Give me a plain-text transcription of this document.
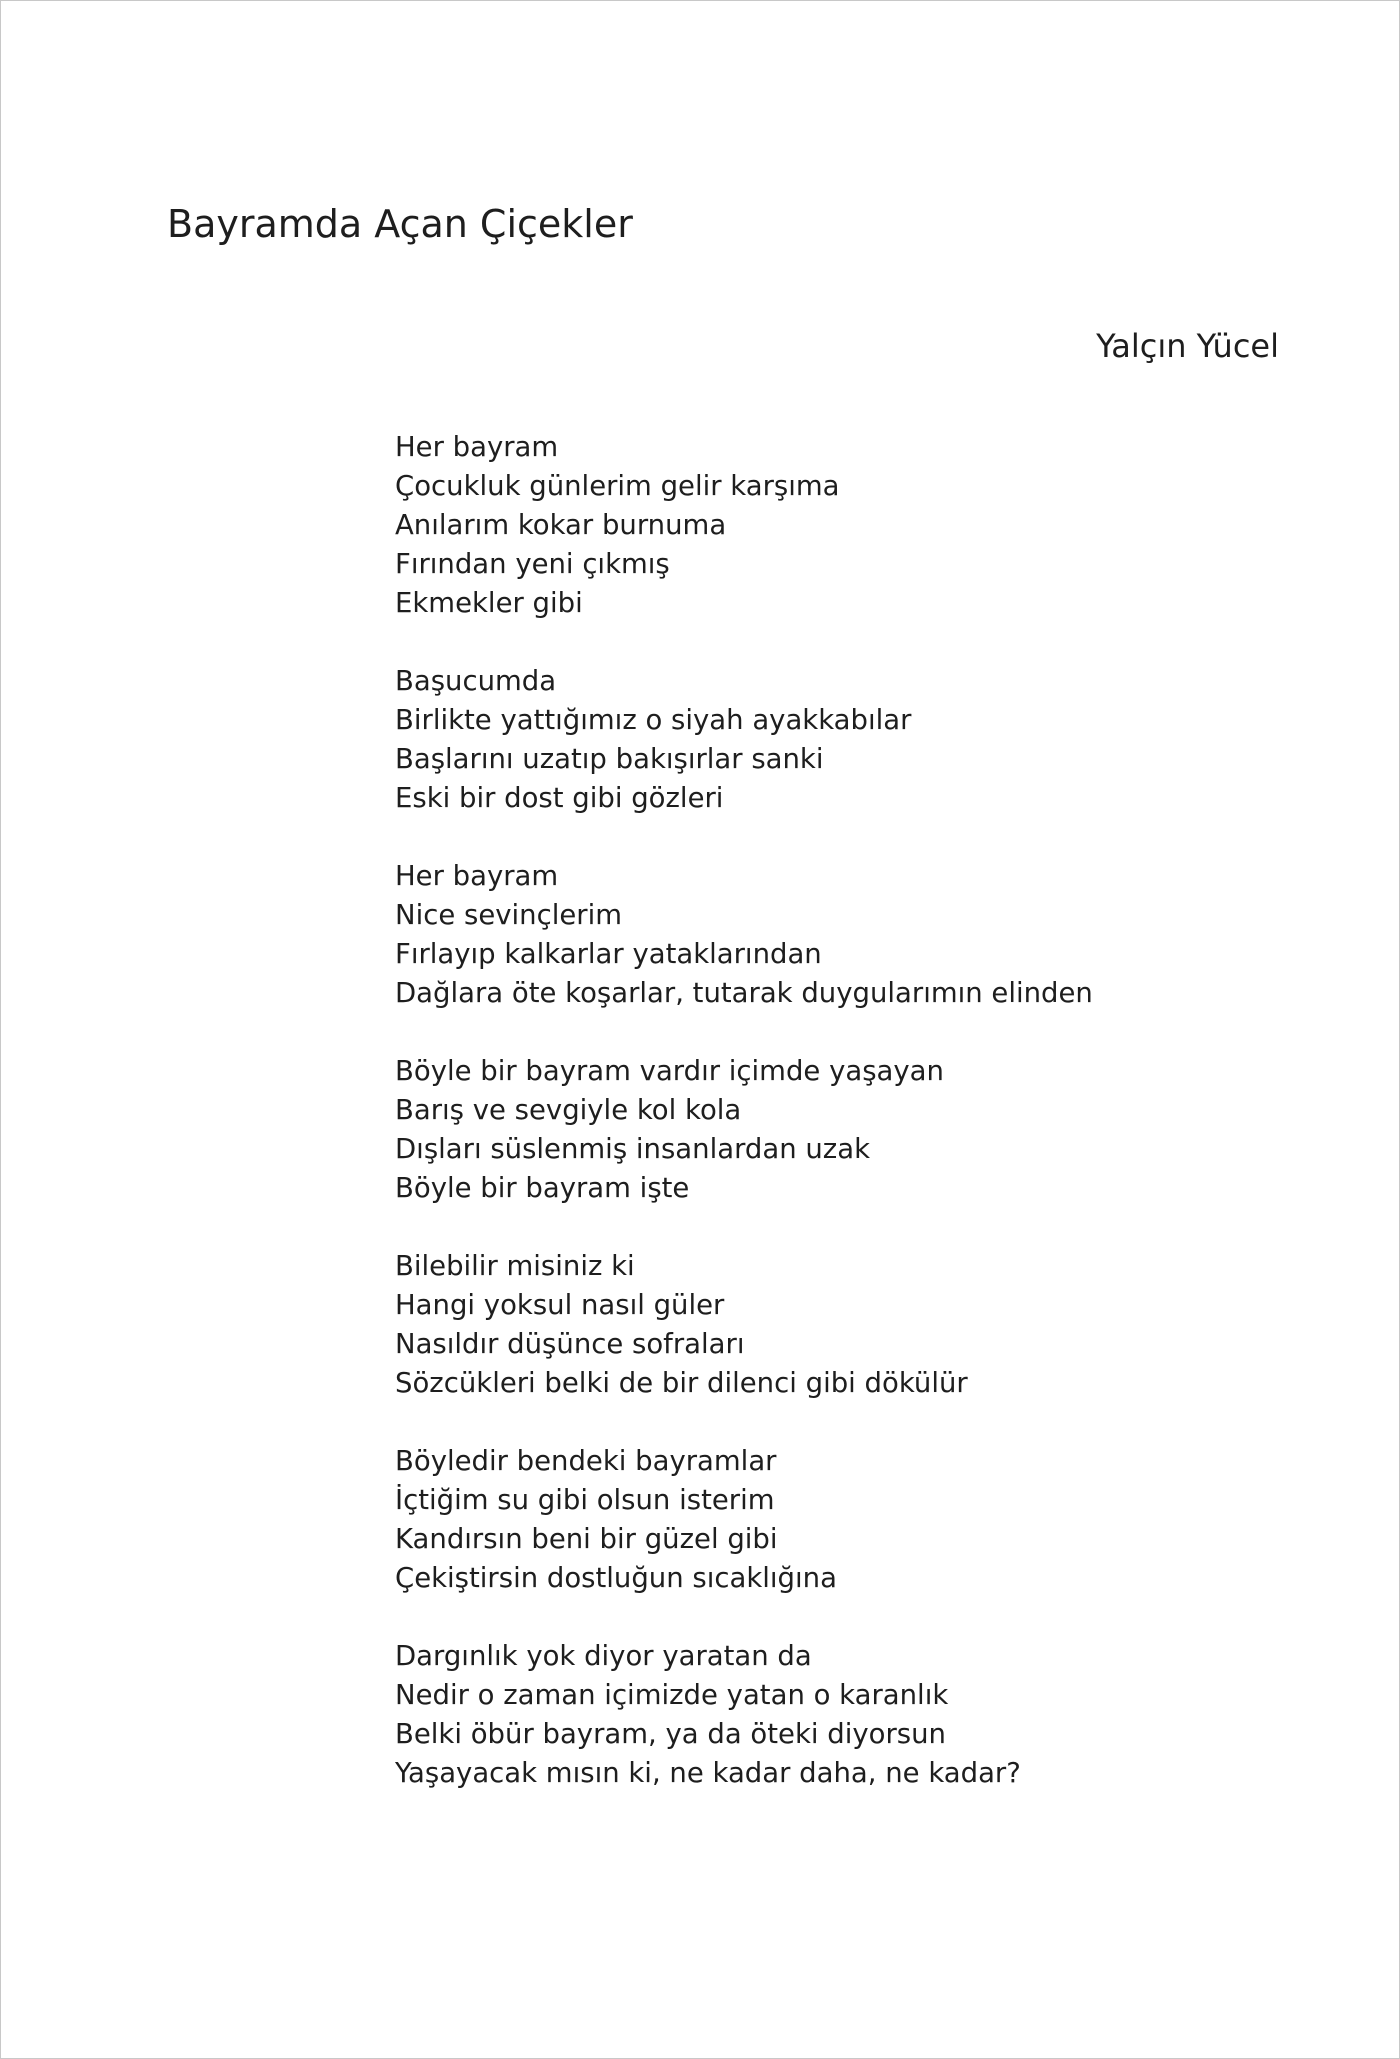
Bayramda Açan Çiçekler
Yalçın Yücel
Her bayram
Çocukluk günlerim gelir karşıma
Anılarım kokar burnuma
Fırından yeni çıkmış
Ekmekler gibi
Başucumda
Birlikte yattığımız o siyah ayakkabılar
Başlarını uzatıp bakışırlar sanki
Eski bir dost gibi gözleri
Her bayram
Nice sevinçlerim
Fırlayıp kalkarlar yataklarından
Dağlara öte koşarlar, tutarak duygularımın elinden
Böyle bir bayram vardır içimde yaşayan
Barış ve sevgiyle kol kola
Dışları süslenmiş insanlardan uzak
Böyle bir bayram işte
Bilebilir misiniz ki
Hangi yoksul nasıl güler
Nasıldır düşünce sofraları
Sözcükleri belki de bir dilenci gibi dökülür
Böyledir bendeki bayramlar
İçtiğim su gibi olsun isterim
Kandırsın beni bir güzel gibi
Çekiştirsin dostluğun sıcaklığına
Dargınlık yok diyor yaratan da
Nedir o zaman içimizde yatan o karanlık
Belki öbür bayram, ya da öteki diyorsun
Yaşayacak mısın ki, ne kadar daha, ne kadar?
